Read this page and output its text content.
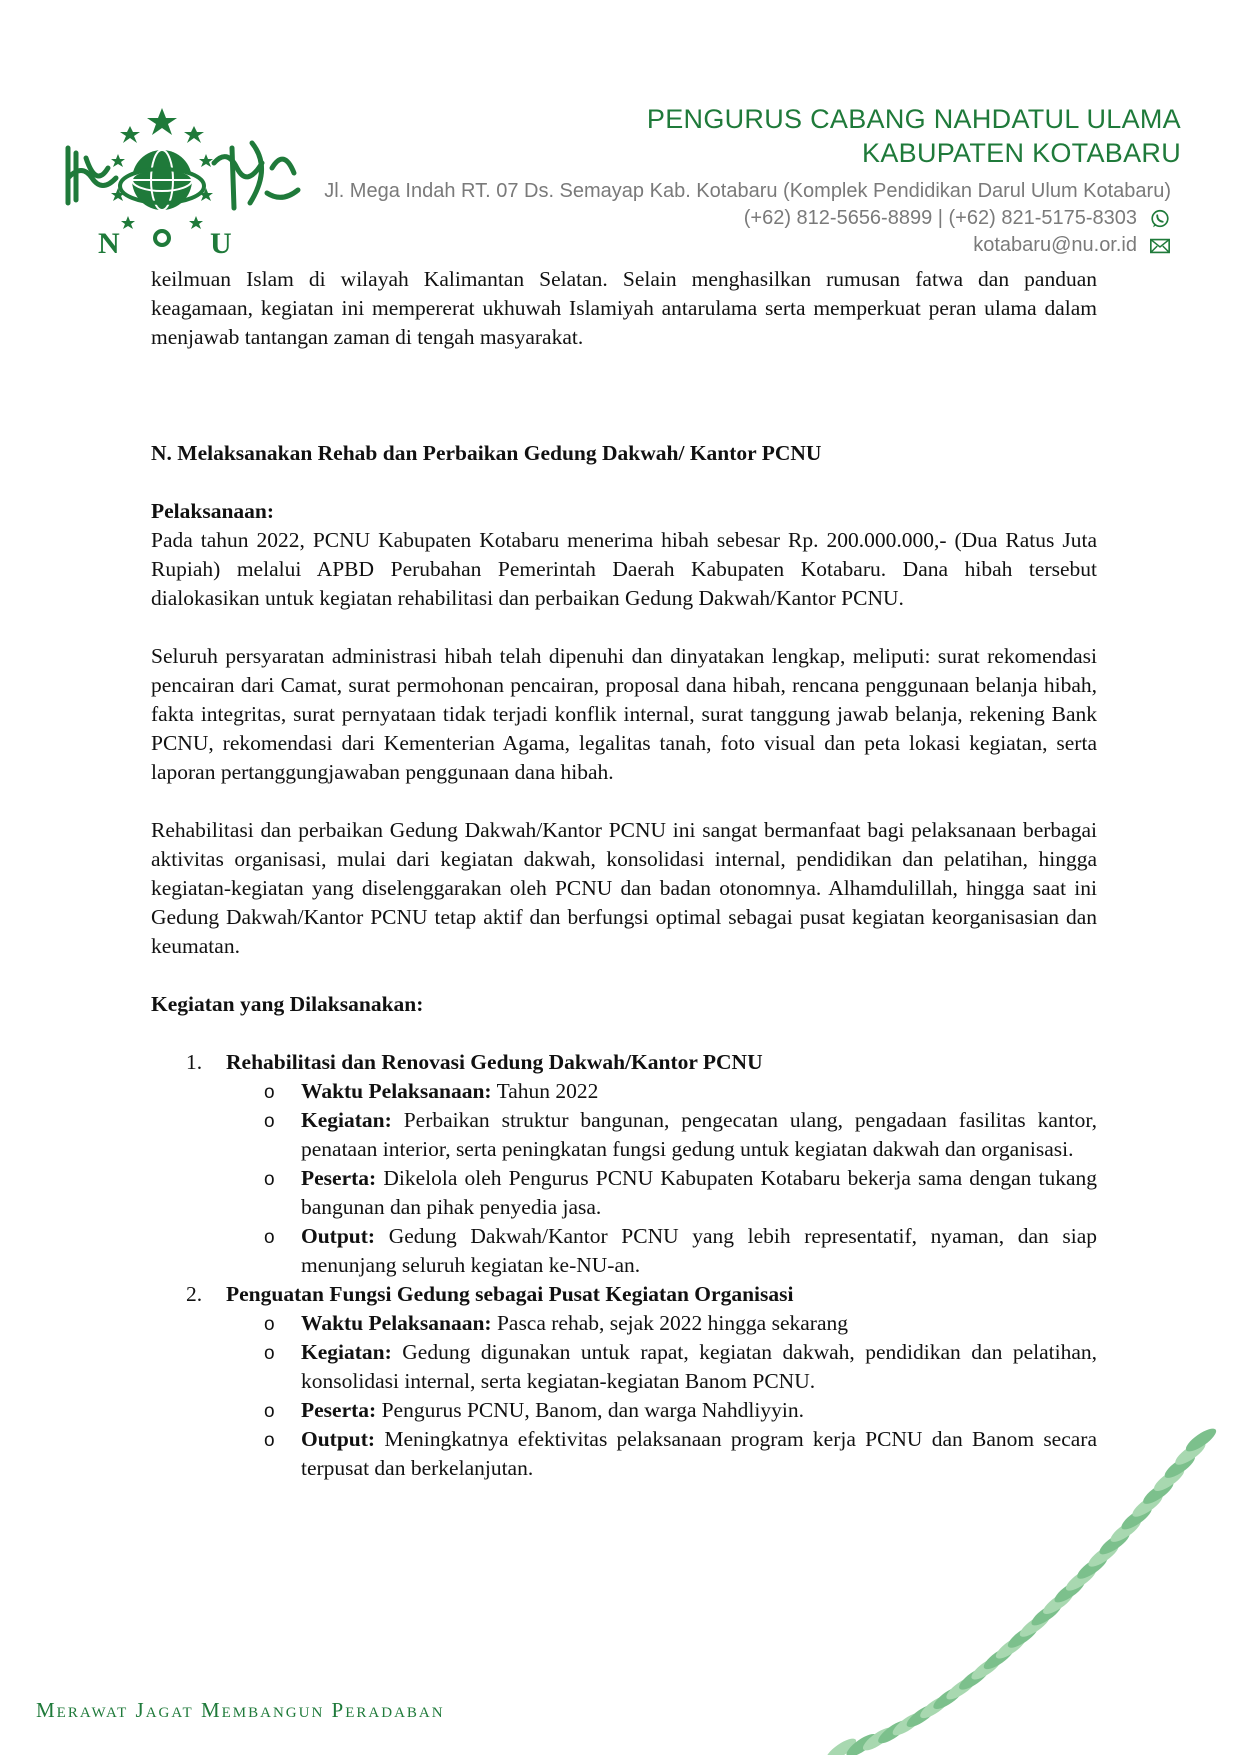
N	U
PENGURUS CABANG NAHDATUL ULAMA
KABUPATEN KOTABARU
Jl. Mega Indah RT. 07 Ds. Semayap Kab. Kotabaru (Komplek Pendidikan Darul Ulum Kotabaru)
(+62) 812-5656-8899 | (+62) 821-5175-8303
kotabaru@nu.or.id

keilmuan Islam di wilayah Kalimantan Selatan. Selain menghasilkan rumusan fatwa dan panduan keagamaan, kegiatan ini mempererat ukhuwah Islamiyah antarulama serta memperkuat peran ulama dalam menjawab tantangan zaman di tengah masyarakat.

N. Melaksanakan Rehab dan Perbaikan Gedung Dakwah/ Kantor PCNU
Pelaksanaan:

Pada tahun 2022, PCNU Kabupaten Kotabaru menerima hibah sebesar Rp. 200.000.000,- (Dua Ratus Juta Rupiah) melalui APBD Perubahan Pemerintah Daerah Kabupaten Kotabaru. Dana hibah tersebut dialokasikan untuk kegiatan rehabilitasi dan perbaikan Gedung Dakwah/Kantor PCNU.

Seluruh persyaratan administrasi hibah telah dipenuhi dan dinyatakan lengkap, meliputi: surat rekomendasi pencairan dari Camat, surat permohonan pencairan, proposal dana hibah, rencana penggunaan belanja hibah, fakta integritas, surat pernyataan tidak terjadi konflik internal, surat tanggung jawab belanja, rekening Bank PCNU, rekomendasi dari Kementerian Agama, legalitas tanah, foto visual dan peta lokasi kegiatan, serta laporan pertanggungjawaban penggunaan dana hibah.

Rehabilitasi dan perbaikan Gedung Dakwah/Kantor PCNU ini sangat bermanfaat bagi pelaksanaan berbagai aktivitas organisasi, mulai dari kegiatan dakwah, konsolidasi internal, pendidikan dan pelatihan, hingga kegiatan-kegiatan yang diselenggarakan oleh PCNU dan badan otonomnya. Alhamdulillah, hingga saat ini Gedung Dakwah/Kantor PCNU tetap aktif dan berfungsi optimal sebagai pusat kegiatan keorganisasian dan keumatan.

Kegiatan yang Dilaksanakan:
1. Rehabilitasi dan Renovasi Gedung Dakwah/Kantor PCNU
o Waktu Pelaksanaan: Tahun 2022
o Kegiatan: Perbaikan struktur bangunan, pengecatan ulang, pengadaan fasilitas kantor, penataan interior, serta peningkatan fungsi gedung untuk kegiatan dakwah dan organisasi.
o Peserta: Dikelola oleh Pengurus PCNU Kabupaten Kotabaru bekerja sama dengan tukang bangunan dan pihak penyedia jasa.
o Output: Gedung Dakwah/Kantor PCNU yang lebih representatif, nyaman, dan siap menunjang seluruh kegiatan ke-NU-an.
2. Penguatan Fungsi Gedung sebagai Pusat Kegiatan Organisasi
o Waktu Pelaksanaan: Pasca rehab, sejak 2022 hingga sekarang
o Kegiatan: Gedung digunakan untuk rapat, kegiatan dakwah, pendidikan dan pelatihan, konsolidasi internal, serta kegiatan-kegiatan Banom PCNU.
o Peserta: Pengurus PCNU, Banom, dan warga Nahdliyyin.
o Output: Meningkatnya efektivitas pelaksanaan program kerja PCNU dan Banom secara terpusat dan berkelanjutan.
Merawat Jagat Membangun Peradaban
